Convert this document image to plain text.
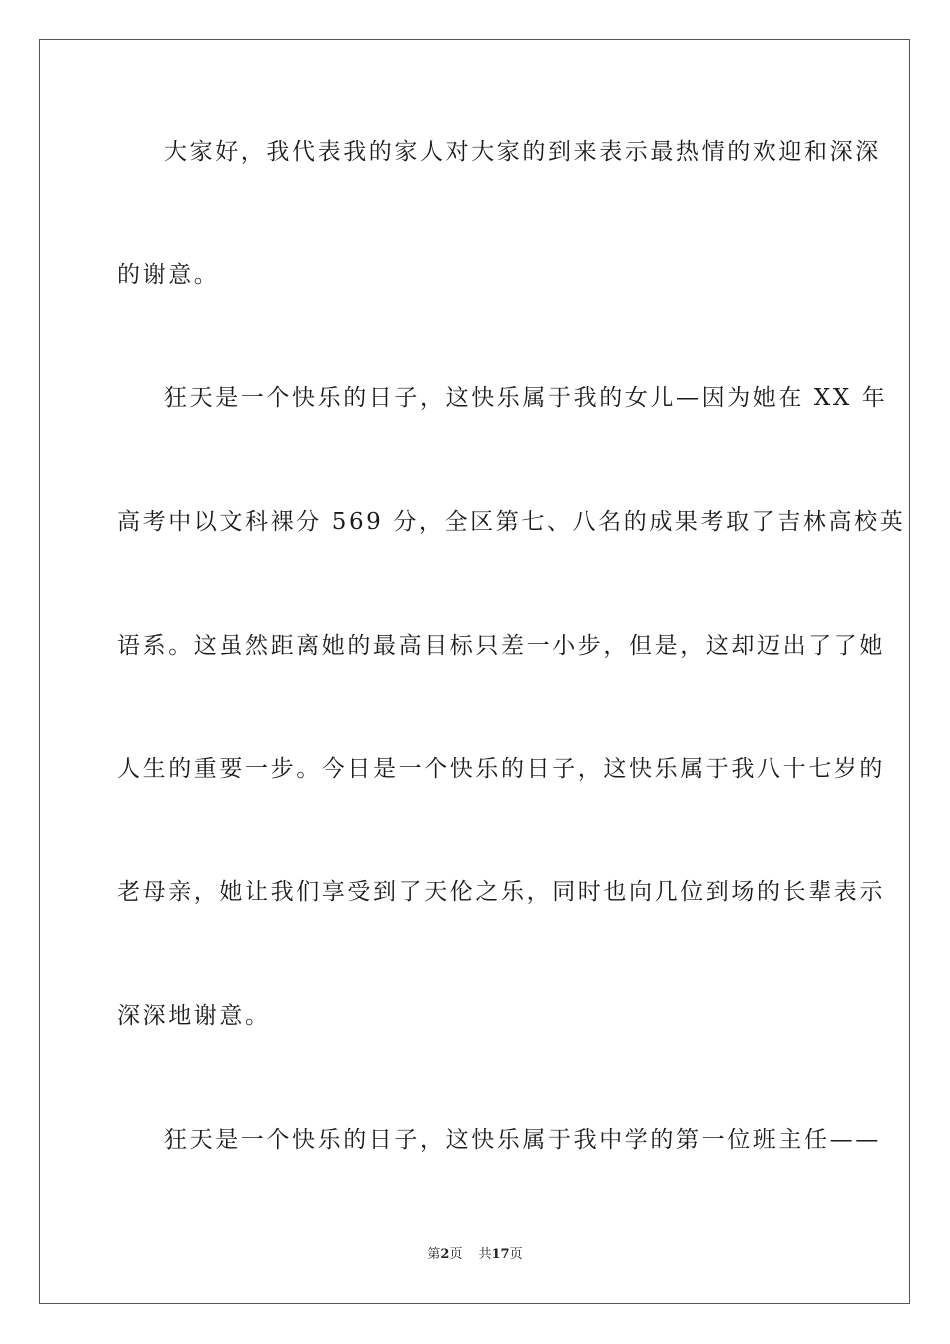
大家好，我代表我的家人对大家的到来表示最热情的欢迎和深深
的谢意。
狂天是一个快乐的日子，这快乐属于我的女儿—因为她在 XX 年
高考中以文科裸分 569 分，全区第七、八名的成果考取了吉林高校英
语系。这虽然距离她的最高目标只差一小步，但是，这却迈出了了她
人生的重要一步。今日是一个快乐的日子，这快乐属于我八十七岁的
老母亲，她让我们享受到了天伦之乐，同时也向几位到场的长辈表示
深深地谢意。
狂天是一个快乐的日子，这快乐属于我中学的第一位班主任——
第2页 共17页
